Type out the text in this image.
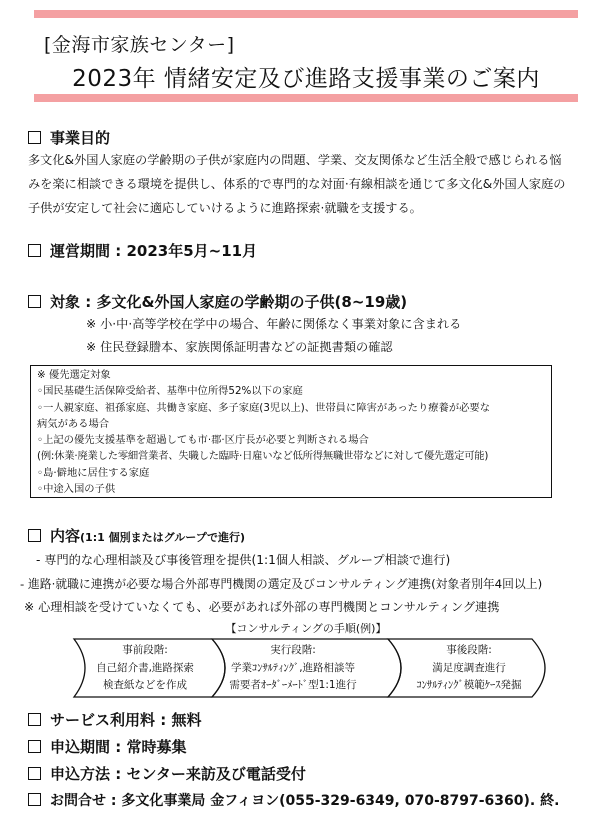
[金海市家族センター]
2023年 情緒安定及び進路支援事業のご案内
事業目的
多文化&外国人家庭の学齢期の子供が家庭内の問題、学業、交友関係など生活全般で感じられる悩
みを楽に相談できる環境を提供し、体系的で専門的な対面·有線相談を通じて多文化&外国人家庭の
子供が安定して社会に適応していけるように進路探索·就職を支援する。
運営期間 : 2023年5月~11月
対象 : 多文化&外国人家庭の学齢期の子供(8~19歳)
※ 小·中·高等学校在学中の場合、年齢に関係なく事業対象に含まれる
※ 住民登録謄本、家族関係証明書などの証拠書類の確認
※ 優先選定対象
◦国民基礎生活保障受給者、基準中位所得52%以下の家庭
◦一人親家庭、祖孫家庭、共働き家庭、多子家庭(3児以上)、世帯員に障害があったり療養が必要な
病気がある場合
◦上記の優先支援基準を超過しても市·郡·区庁長が必要と判断される場合
(例:休業·廃業した零細営業者、失職した臨時·日雇いなど低所得無職世帯などに対して優先選定可能)
◦島·僻地に居住する家庭
◦中途入国の子供
内容(1:1 個別またはグループで進行)
- 専門的な心理相談及び事後管理を提供(1:1個人相談、グループ相談で進行)
- 進路·就職に連携が必要な場合外部専門機関の選定及びコンサルティング連携(対象者別年4回以上)
※ 心理相談を受けていなくても、必要があれば外部の専門機関とコンサルティング連携
【コンサルティングの手順(例)】
事前段階:
自己紹介書,進路探索
検査紙などを作成
実行段階:
学業ｺﾝｻﾙﾃｨﾝｸﾞ,進路相談等
需要者ｵｰﾀﾞｰﾒｰﾄﾞ型1:1進行
事後段階:
満足度調査進行
ｺﾝｻﾙﾃｨﾝｸﾞ模範ｹｰｽ発掘
サービス利用料 : 無料
申込期間 : 常時募集
申込方法 : センター来訪及び電話受付
お問合せ : 多文化事業局 金フィヨン(055-329-6349, 070-8797-6360). 終.
